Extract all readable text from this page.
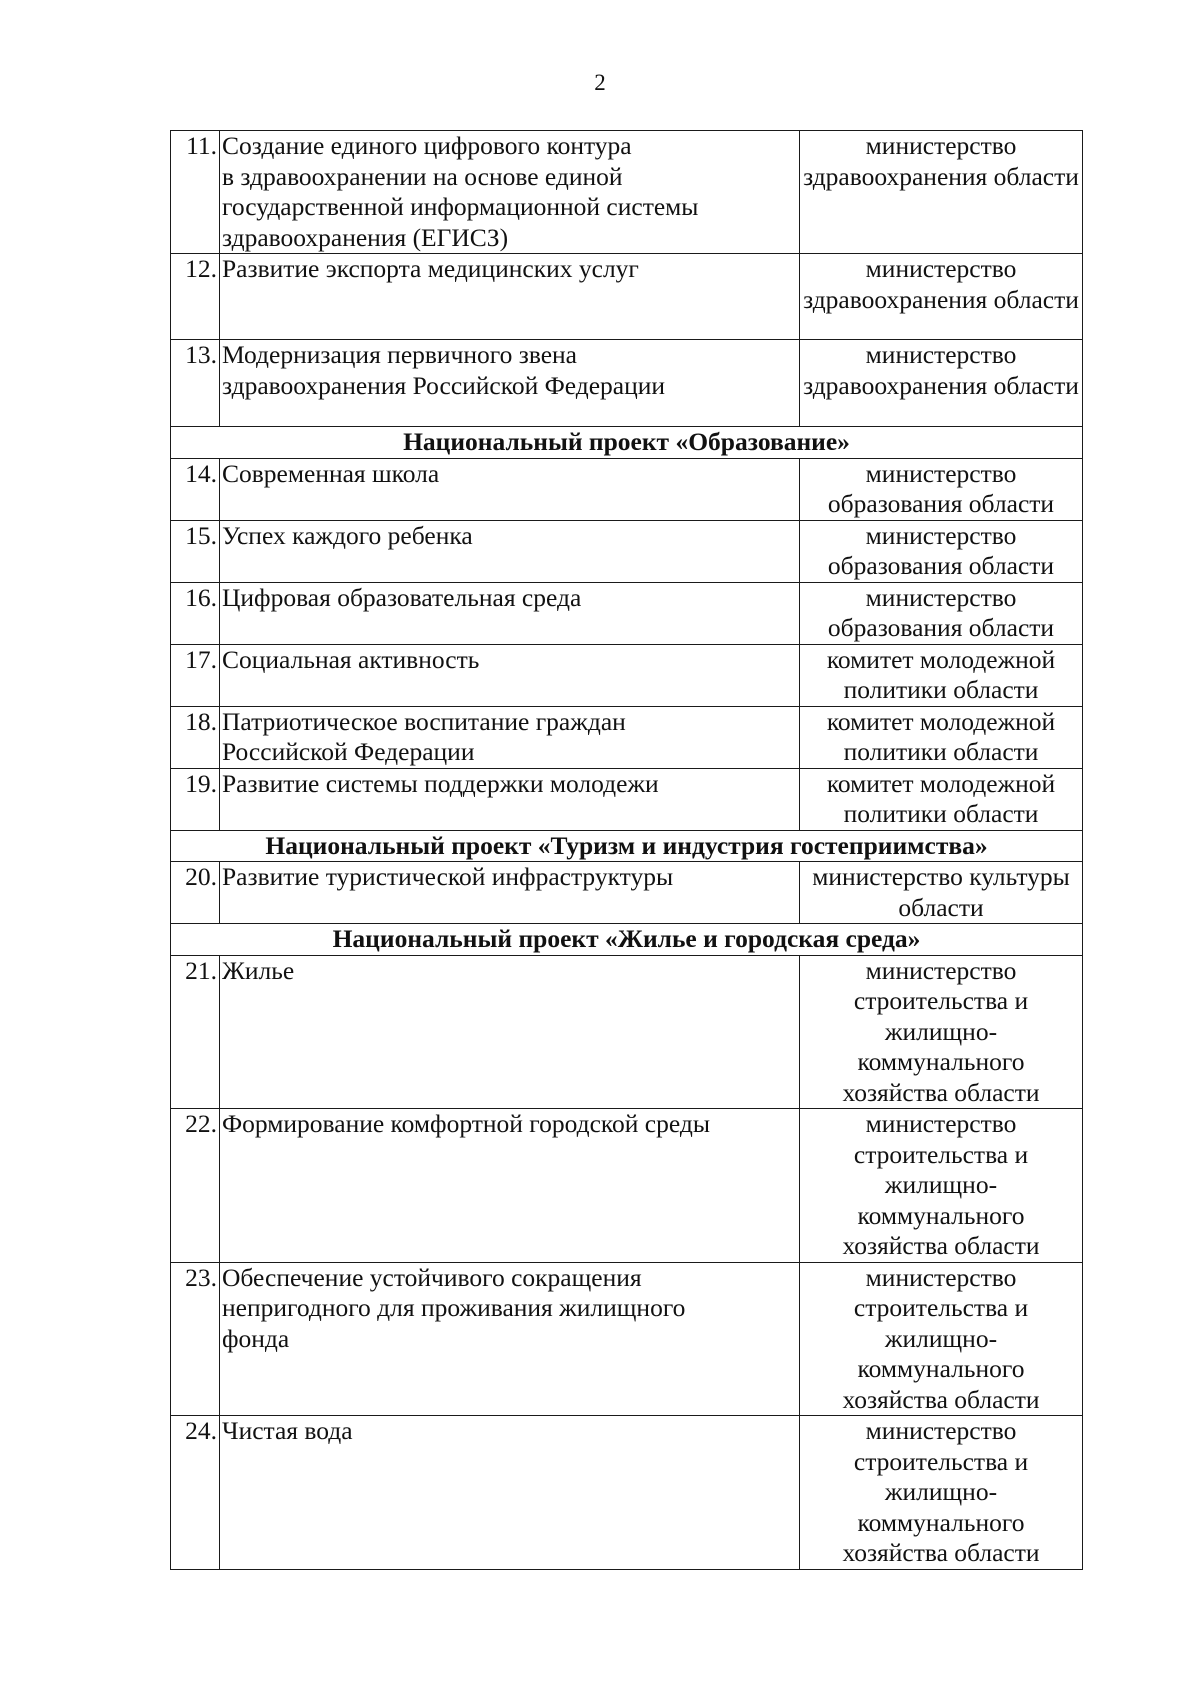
2
11.	Создание единого цифрового контура
в здравоохранении на основе единой
государственной информационной системы
здравоохранения (ЕГИСЗ)	министерство здравоохранения области
12.	Развитие экспорта медицинских услуг	министерство здравоохранения области
13.	Модернизация первичного звена
здравоохранения Российской Федерации	министерство здравоохранения области
Национальный проект «Образование»		
14.	Современная школа	министерство образования области
15.	Успех каждого ребенка	министерство образования области
16.	Цифровая образовательная среда	министерство образования области
17.	Социальная активность	комитет молодежной политики области
18.	Патриотическое воспитание граждан
Российской Федерации	комитет молодежной политики области
19.	Развитие системы поддержки молодежи	комитет молодежной политики области
Национальный проект «Туризм и индустрия гостеприимства»		
20.	Развитие туристической инфраструктуры	министерство культуры области
Национальный проект «Жилье и городская среда»		
21.	Жилье	министерство строительства и жилищно-коммунального хозяйства области
22.	Формирование комфортной городской среды	министерство строительства и жилищно-коммунального хозяйства области
23.	Обеспечение устойчивого сокращения
непригодного для проживания жилищного
фонда	министерство строительства и жилищно-коммунального хозяйства области
24.	Чистая вода	министерство строительства и жилищно-коммунального хозяйства области
